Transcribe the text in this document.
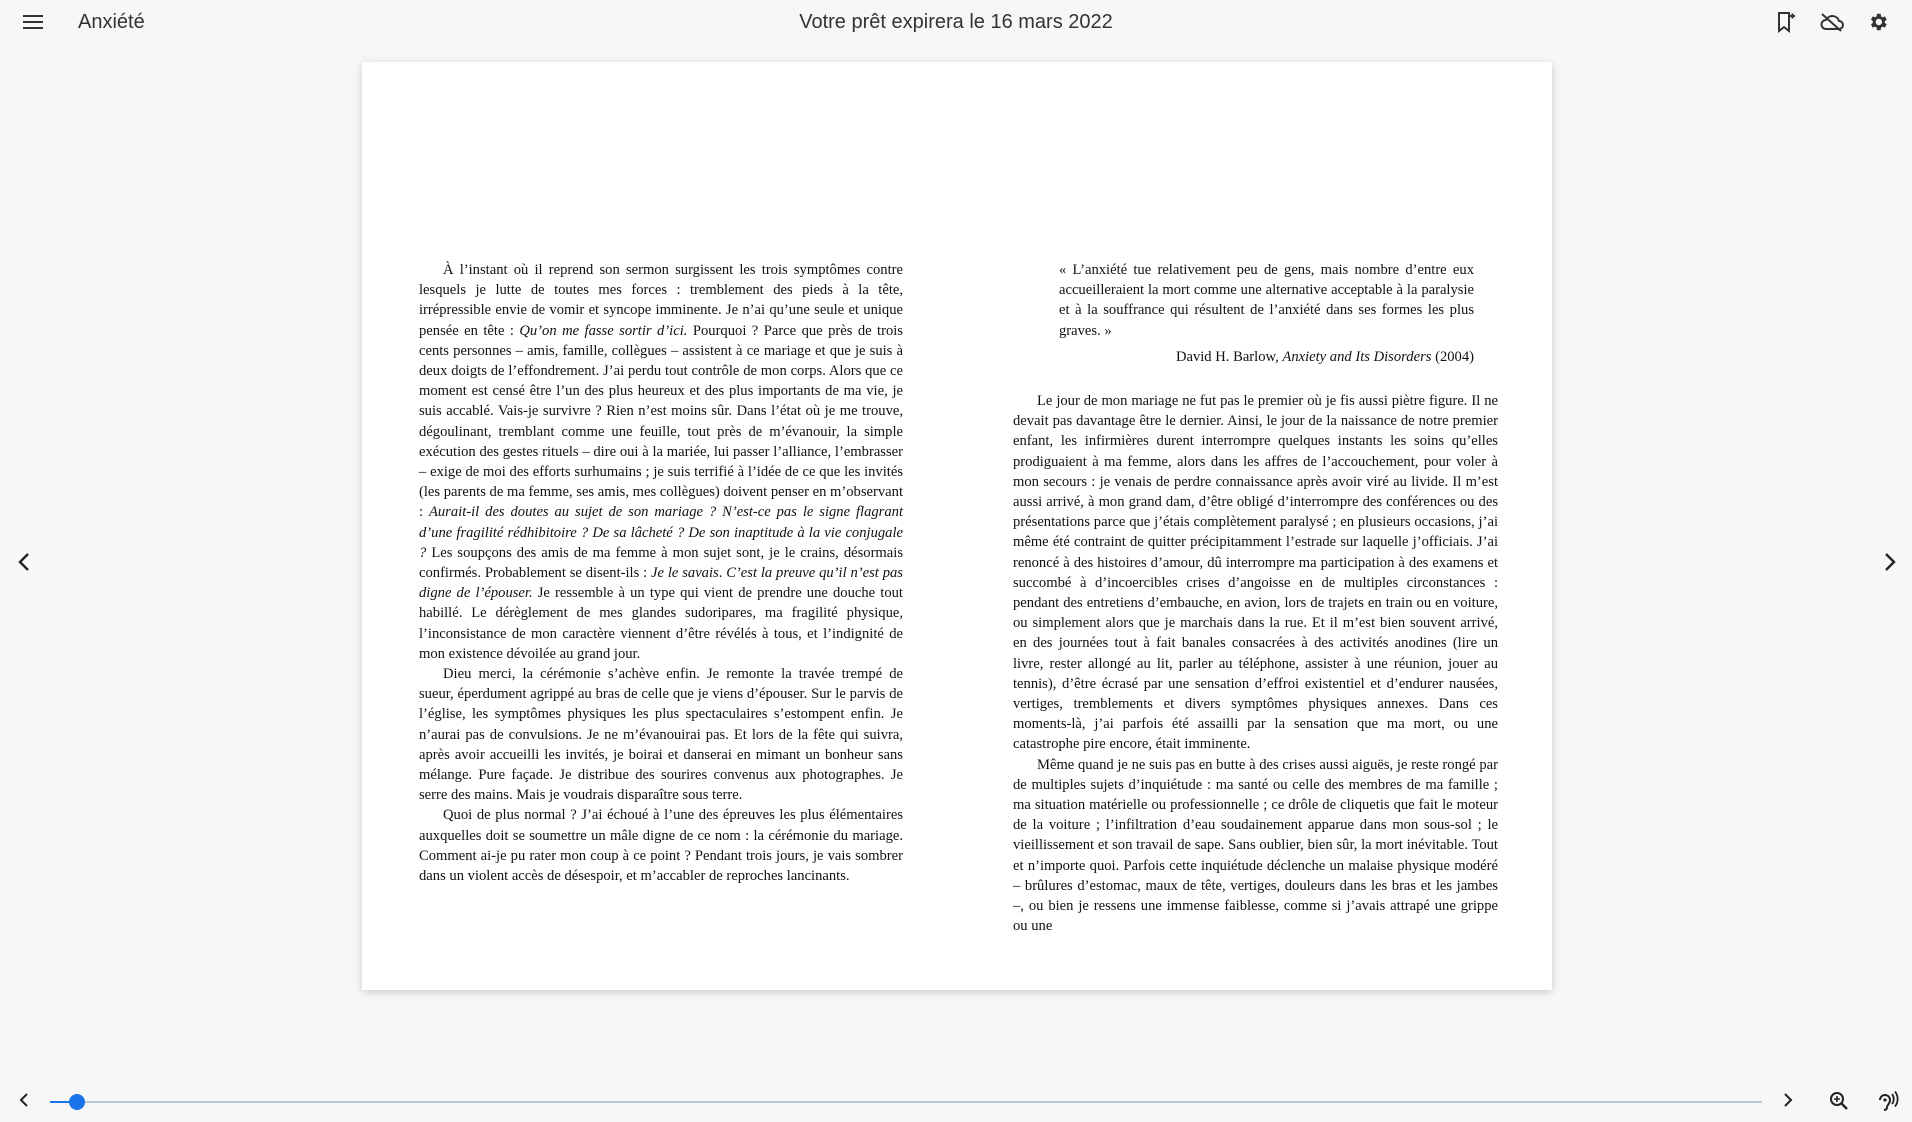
Anxiété	Votre prêt expirera le 16 mars 2022

À l’instant où il reprend son sermon surgissent les trois symptômes contre lesquels je lutte de toutes mes forces : tremblement des pieds à la tête, irrépressible envie de vomir et syncope imminente. Je n’ai qu’une seule et unique pensée en tête : Qu’on me fasse sortir d’ici. Pourquoi ? Parce que près de trois cents personnes – amis, famille, collègues – assistent à ce mariage et que je suis à deux doigts de l’effondrement. J’ai perdu tout contrôle de mon corps. Alors que ce moment est censé être l’un des plus heureux et des plus importants de ma vie, je suis accablé. Vais-je survivre ? Rien n’est moins sûr. Dans l’état où je me trouve, dégoulinant, tremblant comme une feuille, tout près de m’évanouir, la simple exécution des gestes rituels – dire oui à la mariée, lui passer l’alliance, l’embrasser – exige de moi des efforts surhumains ; je suis terrifié à l’idée de ce que les invités (les parents de ma femme, ses amis, mes collègues) doivent penser en m’observant : Aurait-il des doutes au sujet de son mariage ? N’est-ce pas le signe flagrant d’une fragilité rédhibitoire ? De sa lâcheté ? De son inaptitude à la vie conjugale ? Les soupçons des amis de ma femme à mon sujet sont, je le crains, désormais confirmés. Probablement se disent-ils : Je le savais. C’est la preuve qu’il n’est pas digne de l’épouser. Je ressemble à un type qui vient de prendre une douche tout habillé. Le dérèglement de mes glandes sudoripares, ma fragilité physique, l’inconsistance de mon caractère viennent d’être révélés à tous, et l’indignité de mon existence dévoilée au grand jour.

Dieu merci, la cérémonie s’achève enfin. Je remonte la travée trempé de sueur, éperdument agrippé au bras de celle que je viens d’épouser. Sur le parvis de l’église, les symptômes physiques les plus spectaculaires s’estompent enfin. Je n’aurai pas de convulsions. Je ne m’évanouirai pas. Et lors de la fête qui suivra, après avoir accueilli les invités, je boirai et danserai en mimant un bonheur sans mélange. Pure façade. Je distribue des sourires convenus aux photographes. Je serre des mains. Mais je voudrais disparaître sous terre.

Quoi de plus normal ? J’ai échoué à l’une des épreuves les plus élémentaires auxquelles doit se soumettre un mâle digne de ce nom : la cérémonie du mariage. Comment ai-je pu rater mon coup à ce point ? Pendant trois jours, je vais sombrer dans un violent accès de désespoir, et m’accabler de reproches lancinants.

« L’anxiété tue relativement peu de gens, mais nombre d’entre eux accueilleraient la mort comme une alternative acceptable à la paralysie et à la souffrance qui résultent de l’anxiété dans ses formes les plus graves. »

David H. Barlow, Anxiety and Its Disorders (2004)

Le jour de mon mariage ne fut pas le premier où je fis aussi piètre figure. Il ne devait pas davantage être le dernier. Ainsi, le jour de la naissance de notre premier enfant, les infirmières durent interrompre quelques instants les soins qu’elles prodiguaient à ma femme, alors dans les affres de l’accouchement, pour voler à mon secours : je venais de perdre connaissance après avoir viré au livide. Il m’est aussi arrivé, à mon grand dam, d’être obligé d’interrompre des conférences ou des présentations parce que j’étais complètement paralysé ; en plusieurs occasions, j’ai même été contraint de quitter précipitamment l’estrade sur laquelle j’officiais. J’ai renoncé à des histoires d’amour, dû interrompre ma participation à des examens et succombé à d’incoercibles crises d’angoisse en de multiples circonstances : pendant des entretiens d’embauche, en avion, lors de trajets en train ou en voiture, ou simplement alors que je marchais dans la rue. Et il m’est bien souvent arrivé, en des journées tout à fait banales consacrées à des activités anodines (lire un livre, rester allongé au lit, parler au téléphone, assister à une réunion, jouer au tennis), d’être écrasé par une sensation d’effroi existentiel et d’endurer nausées, vertiges, tremblements et divers symptômes physiques annexes. Dans ces moments-là, j’ai parfois été assailli par la sensation que ma mort, ou une catastrophe pire encore, était imminente.

Même quand je ne suis pas en butte à des crises aussi aiguës, je reste rongé par de multiples sujets d’inquiétude : ma santé ou celle des membres de ma famille ; ma situation matérielle ou professionnelle ; ce drôle de cliquetis que fait le moteur de la voiture ; l’infiltration d’eau soudainement apparue dans mon sous-sol ; le vieillissement et son travail de sape. Sans oublier, bien sûr, la mort inévitable. Tout et n’importe quoi. Parfois cette inquiétude déclenche un malaise physique modéré – brûlures d’estomac, maux de tête, vertiges, douleurs dans les bras et les jambes –, ou bien je ressens une immense faiblesse, comme si j’avais attrapé une grippe ou une
